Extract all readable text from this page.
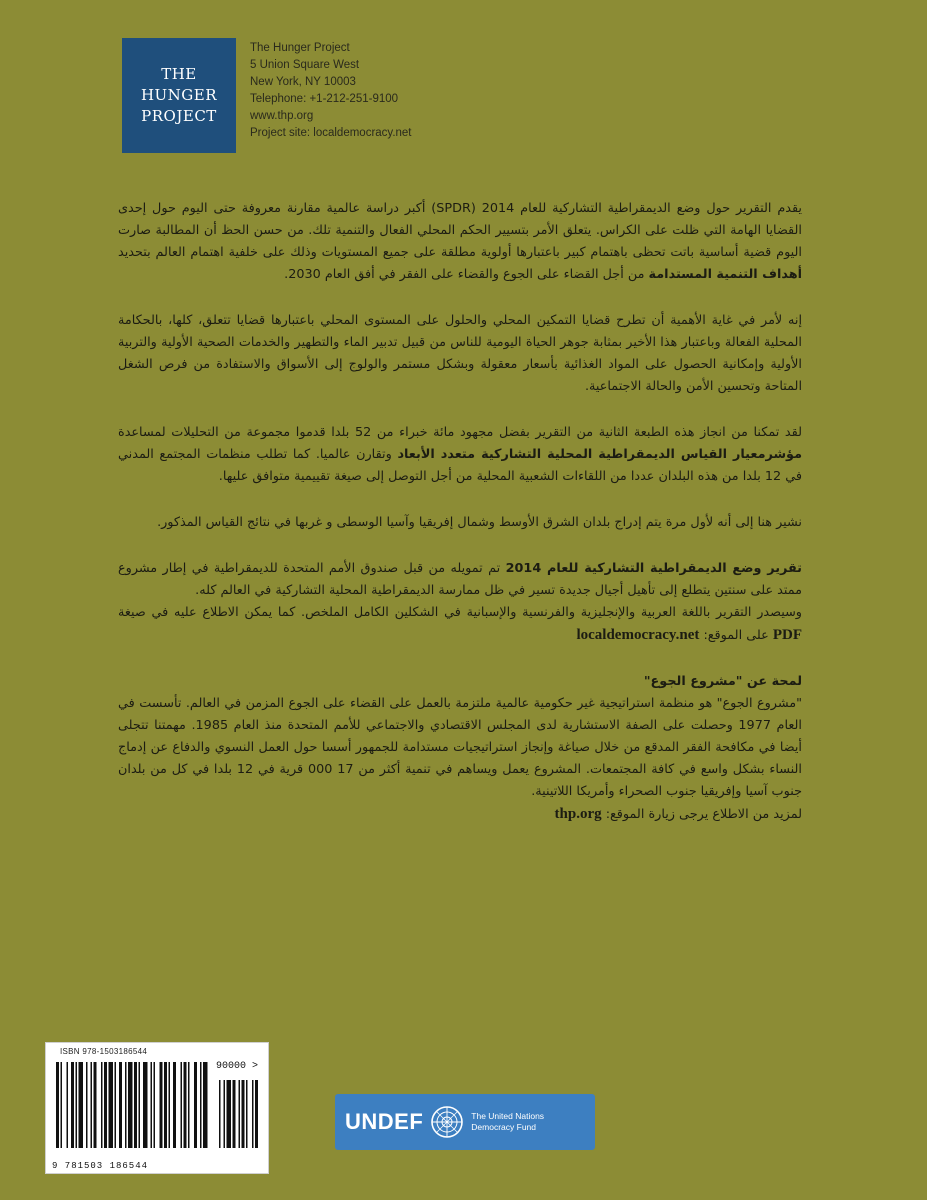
THE
HUNGER
PROJECT
The Hunger Project
5 Union Square West
New York, NY 10003
Telephone: +1-212-251-9100
www.thp.org
Project site: localdemocracy.net

يقدم التقرير حول وضع الديمقراطية التشاركية للعام 2014 (SPDR) أكبر دراسة عالمية مقارنة معروفة حتى اليوم حول إحدى القضايا الهامة التي ظلت على الكراس. يتعلق الأمر بتسيير الحكم المحلي الفعال والتنمية تلك. من حسن الحظ أن المطالبة صارت اليوم قضية أساسية باتت تحظى باهتمام كبير باعتبارها أولوية مطلقة على جميع المستويات وذلك على خلفية اهتمام العالم بتحديد أهداف التنمية المستدامة من أجل القضاء على الجوع والقضاء على الفقر في أفق العام 2030.

إنه لأمر في غاية الأهمية أن تطرح قضايا التمكين المحلي والحلول على المستوى المحلي باعتبارها قضايا تتعلق، كلها، بالحكامة المحلية الفعالة وباعتبار هذا الأخير بمثابة جوهر الحياة اليومية للناس من قبيل تدبير الماء والتطهير والخدمات الصحية الأولية والتربية الأولية وإمكانية الحصول على المواد الغذائية بأسعار معقولة وبشكل مستمر والولوج إلى الأسواق والاستفادة من فرص الشغل المتاحة وتحسين الأمن والحالة الاجتماعية.

لقد تمكنا من انجاز هذه الطبعة الثانية من التقرير بفضل مجهود مائة خبراء من 52 بلدا قدموا مجموعة من التحليلات لمساعدة مؤشرمعيار القياس الديمقراطية المحلية التشاركية متعدد الأبعاد وتقارن عالميا. كما تطلب منظمات المجتمع المدني في 12 بلدا من هذه البلدان عددا من اللقاءات الشعبية المحلية من أجل التوصل إلى صيغة تقييمية متوافق عليها.

نشير هنا إلى أنه لأول مرة يتم إدراج بلدان الشرق الأوسط وشمال إفريقيا وآسيا الوسطى و غربها في نتائج القياس المذكور.

تقرير وضع الديمقراطية التشاركية للعام 2014 تم تمويله من قبل صندوق الأمم المتحدة للديمقراطية في إطار مشروع ممتد على سنتين يتطلع إلى تأهيل أجيال جديدة تسير في ظل ممارسة الديمقراطية المحلية التشاركية في العالم كله.

وسيصدر التقرير باللغة العربية والإنجليزية والفرنسية والإسبانية في الشكلين الكامل الملخص. كما يمكن الاطلاع عليه في صيغة PDF على الموقع: localdemocracy.net

لمحة عن "مشروع الجوع"

"مشروع الجوع" هو منظمة استراتيجية غير حكومية عالمية ملتزمة بالعمل على القضاء على الجوع المزمن في العالم. تأسست في العام 1977 وحصلت على الصفة الاستشارية لدى المجلس الاقتصادي والاجتماعي للأمم المتحدة منذ العام 1985. مهمتنا تتجلى أيضا في مكافحة الفقر المدقع من خلال صياغة وإنجاز استراتيجيات مستدامة للجمهور أسسا حول العمل النسوي والدفاع عن إدماج النساء بشكل واسع في كافة المجتمعات. المشروع يعمل ويساهم في تنمية أكثر من 17 000 قرية في 12 بلدا في كل من بلدان جنوب آسيا وإفريقيا جنوب الصحراء وأمريكا اللاتينية.

لمزيد من الاطلاع يرجى زيارة الموقع: thp.org

ISBN 978-1503186544
90000 >
9 781503 186544
UNDEF	The United Nations
Democracy Fund
